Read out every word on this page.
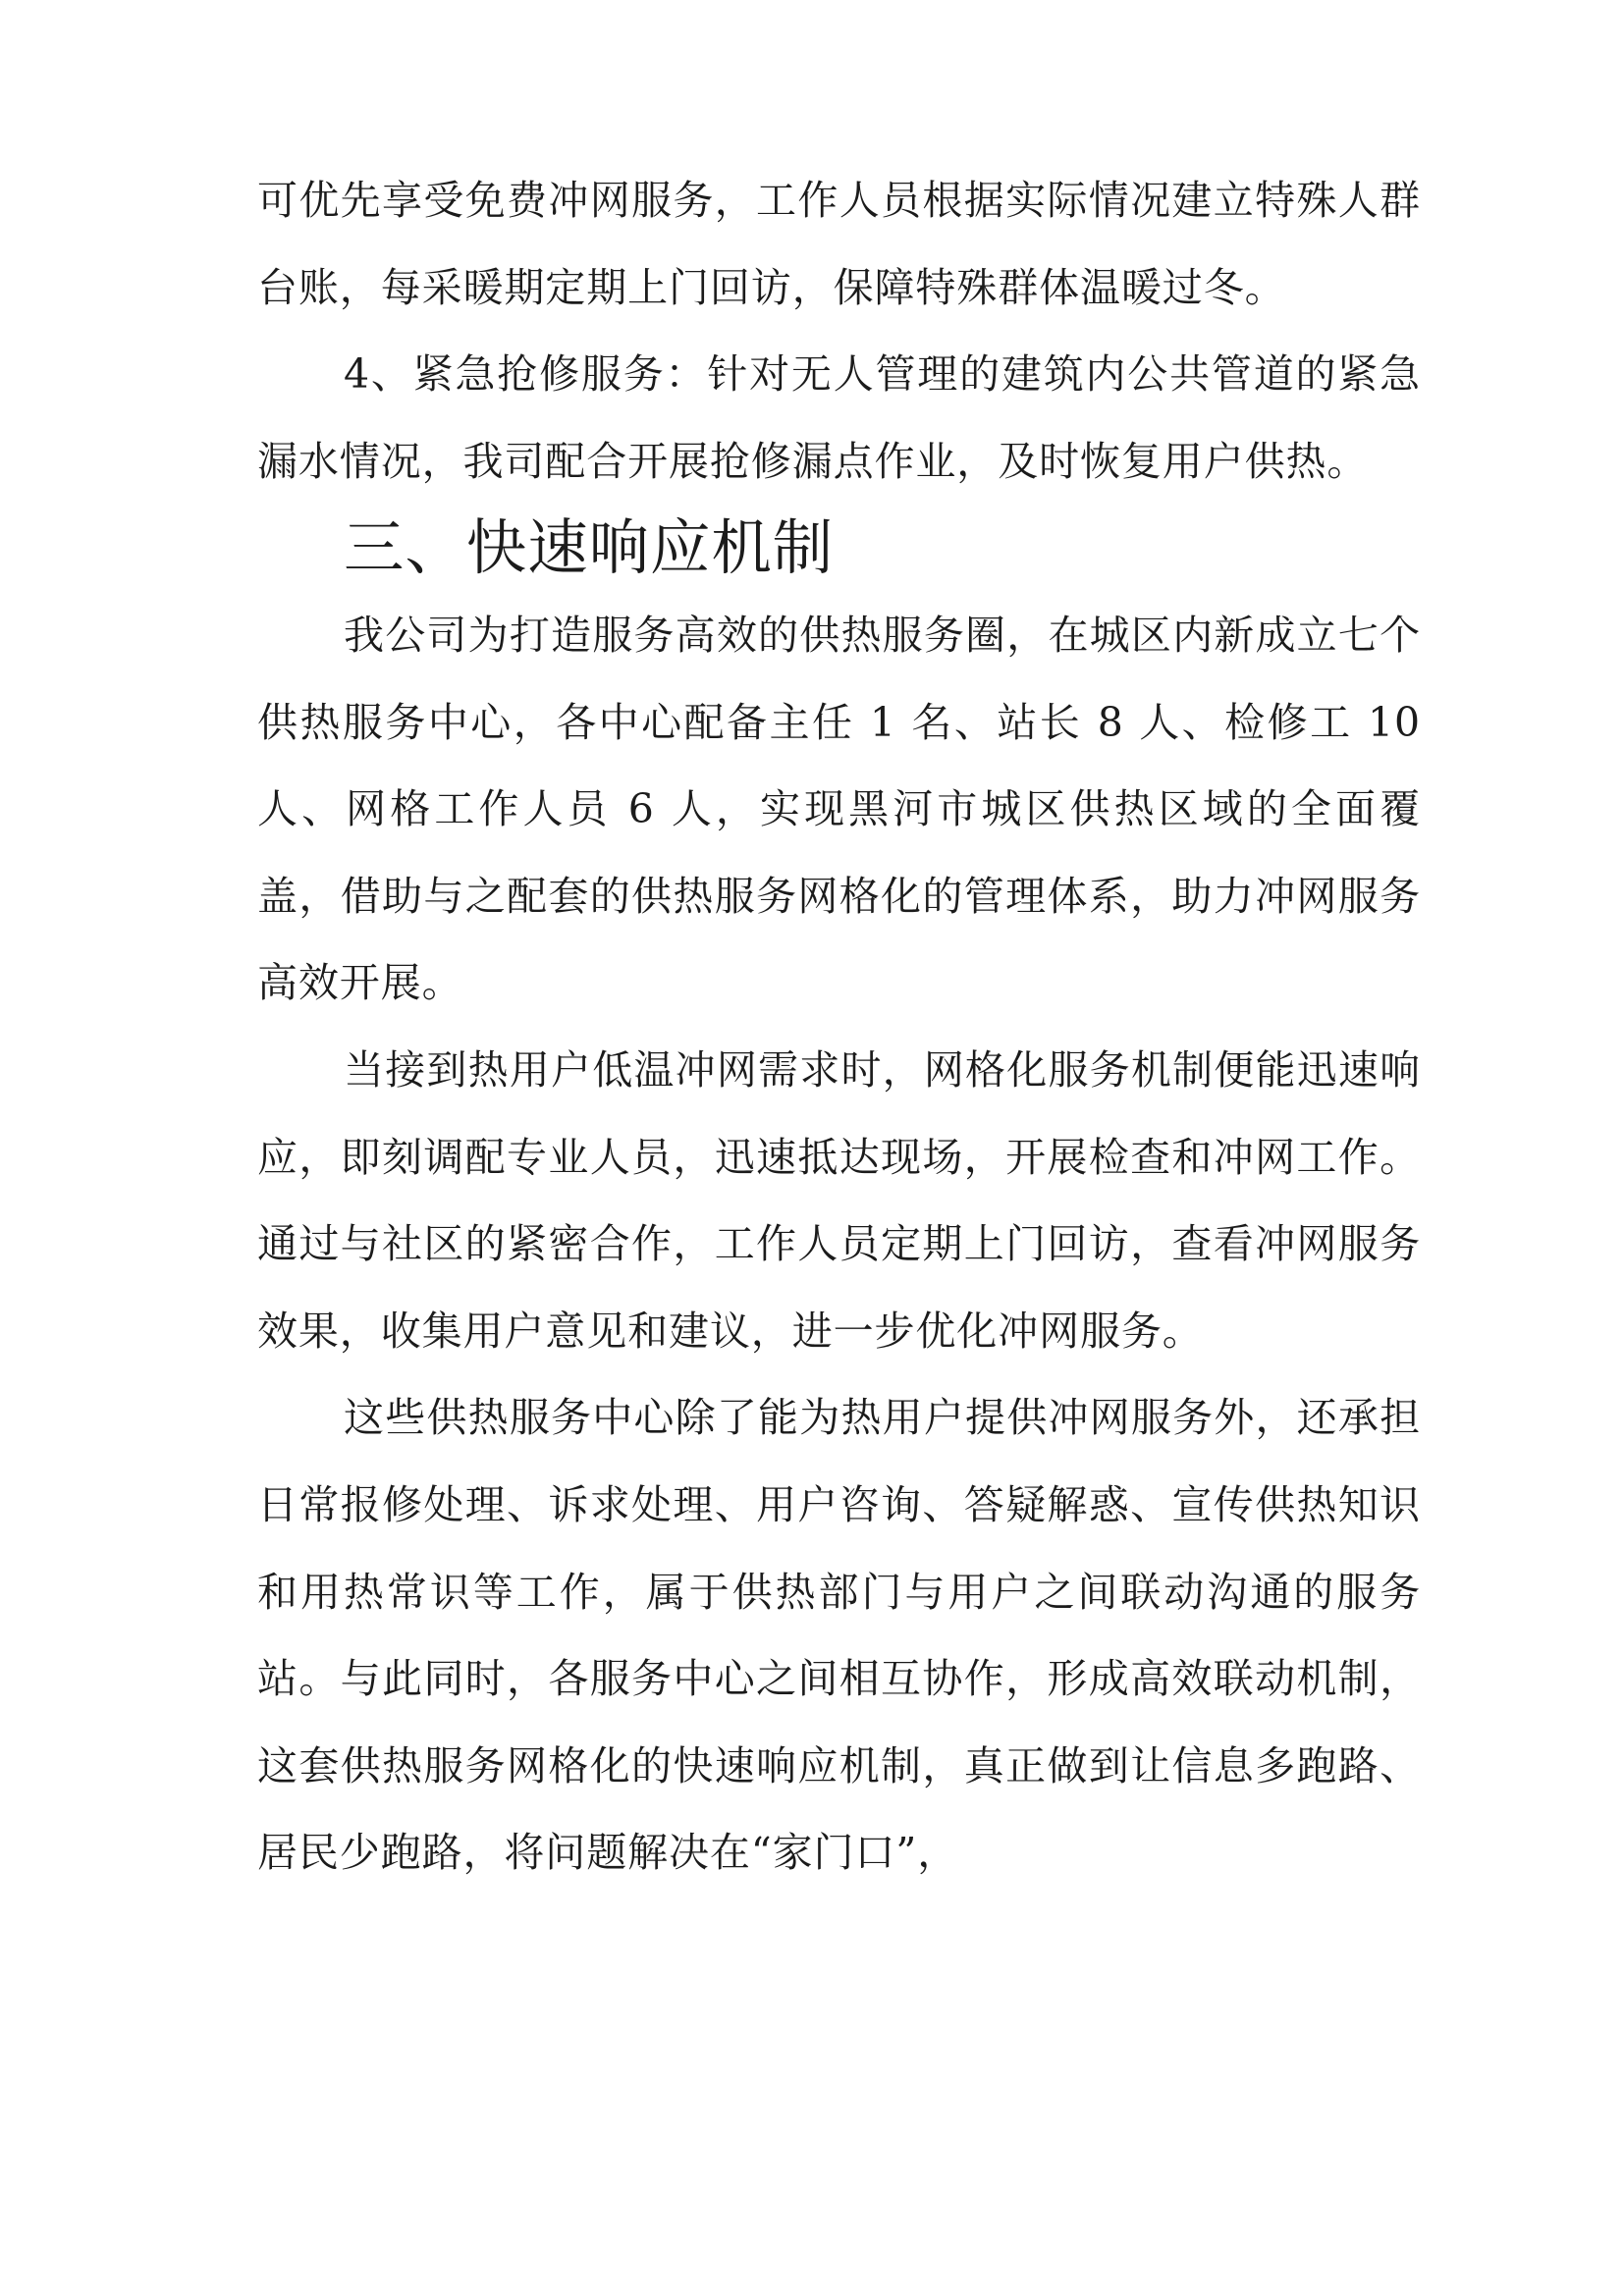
可优先享受免费冲网服务，工作人员根据实际情况建立特殊人群台账，每采暖期定期上门回访，保障特殊群体温暖过冬。

4、紧急抢修服务：针对无人管理的建筑内公共管道的紧急漏水情况，我司配合开展抢修漏点作业，及时恢复用户供热。

三、快速响应机制

我公司为打造服务高效的供热服务圈，在城区内新成立七个供热服务中心，各中心配备主任 1 名、站长 8 人、检修工 10 人、网格工作人员 6 人，实现黑河市城区供热区域的全面覆盖，借助与之配套的供热服务网格化的管理体系，助力冲网服务高效开展。

当接到热用户低温冲网需求时，网格化服务机制便能迅速响应，即刻调配专业人员，迅速抵达现场，开展检查和冲网工作。通过与社区的紧密合作，工作人员定期上门回访，查看冲网服务效果，收集用户意见和建议，进一步优化冲网服务。

这些供热服务中心除了能为热用户提供冲网服务外，还承担日常报修处理、诉求处理、用户咨询、答疑解惑、宣传供热知识和用热常识等工作，属于供热部门与用户之间联动沟通的服务站。与此同时，各服务中心之间相互协作，形成高效联动机制，这套供热服务网格化的快速响应机制，真正做到让信息多跑路、居民少跑路，将问题解决在“家门口”，
